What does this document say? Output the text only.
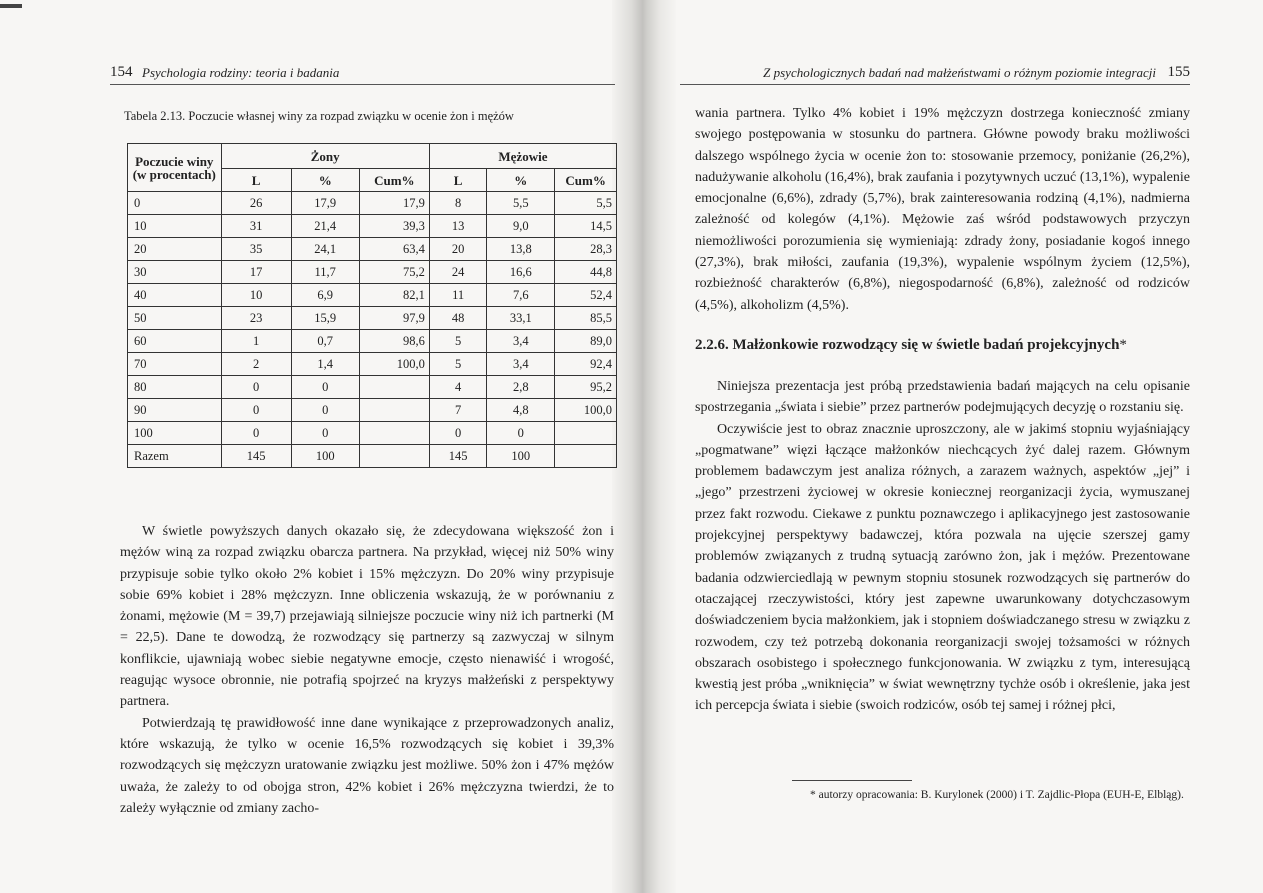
154 Psychologia rodziny: teoria i badania
Tabela 2.13. Poczucie własnej winy za rozpad związku w ocenie żon i mężów
Poczucie winy (w procentach)	Żony			Mężowie		
	L	%	Cum%	L	%	Cum%
0	26	17,9	17,9	8	5,5	5,5
10	31	21,4	39,3	13	9,0	14,5
20	35	24,1	63,4	20	13,8	28,3
30	17	11,7	75,2	24	16,6	44,8
40	10	6,9	82,1	11	7,6	52,4
50	23	15,9	97,9	48	33,1	85,5
60	1	0,7	98,6	5	3,4	89,0
70	2	1,4	100,0	5	3,4	92,4
80	0	0		4	2,8	95,2
90	0	0		7	4,8	100,0
100	0	0		0	0	
Razem	145	100		145	100	

W świetle powyższych danych okazało się, że zdecydowana większość żon i mężów winą za rozpad związku obarcza partnera. Na przykład, więcej niż 50% winy przypisuje sobie tylko około 2% kobiet i 15% mężczyzn. Do 20% winy przypisuje sobie 69% kobiet i 28% mężczyzn. Inne obliczenia wskazują, że w porównaniu z żonami, mężowie (M = 39,7) przejawiają silniejsze poczucie winy niż ich partnerki (M = 22,5). Dane te dowodzą, że rozwodzący się partnerzy są zazwyczaj w silnym konflikcie, ujawniają wobec siebie negatywne emocje, często nienawiść i wrogość, reagując wysoce obronnie, nie potrafią spojrzeć na kryzys małżeński z perspektywy partnera.

Potwierdzają tę prawidłowość inne dane wynikające z przeprowadzonych analiz, które wskazują, że tylko w ocenie 16,5% rozwodzących się kobiet i 39,3% rozwodzących się mężczyzn uratowanie związku jest możliwe. 50% żon i 47% mężów uważa, że zależy to od obojga stron, 42% kobiet i 26% mężczyzna twierdzi, że to zależy wyłącznie od zmiany zacho-

Z psychologicznych badań nad małżeństwami o różnym poziomie integracji 155

wania partnera. Tylko 4% kobiet i 19% mężczyzn dostrzega konieczność zmiany swojego postępowania w stosunku do partnera. Główne powody braku możliwości dalszego wspólnego życia w ocenie żon to: stosowanie przemocy, poniżanie (26,2%), nadużywanie alkoholu (16,4%), brak zaufania i pozytywnych uczuć (13,1%), wypalenie emocjonalne (6,6%), zdrady (5,7%), brak zainteresowania rodziną (4,1%), nadmierna zależność od kolegów (4,1%). Mężowie zaś wśród podstawowych przyczyn niemożliwości porozumienia się wymieniają: zdrady żony, posiadanie kogoś innego (27,3%), brak miłości, zaufania (19,3%), wypalenie wspólnym życiem (12,5%), rozbieżność charakterów (6,8%), niegospodarność (6,8%), zależność od rodziców (4,5%), alkoholizm (4,5%).

2.2.6. Małżonkowie rozwodzący się w świetle badań projekcyjnych*

Niniejsza prezentacja jest próbą przedstawienia badań mających na celu opisanie spostrzegania „świata i siebie” przez partnerów podejmujących decyzję o rozstaniu się.

Oczywiście jest to obraz znacznie uproszczony, ale w jakimś stopniu wyjaśniający „pogmatwane” więzi łączące małżonków niechcących żyć dalej razem. Głównym problemem badawczym jest analiza różnych, a zarazem ważnych, aspektów „jej” i „jego” przestrzeni życiowej w okresie koniecznej reorganizacji życia, wymuszanej przez fakt rozwodu. Ciekawe z punktu poznawczego i aplikacyjnego jest zastosowanie projekcyjnej perspektywy badawczej, która pozwala na ujęcie szerszej gamy problemów związanych z trudną sytuacją zarówno żon, jak i mężów. Prezentowane badania odzwierciedlają w pewnym stopniu stosunek rozwodzących się partnerów do otaczającej rzeczywistości, który jest zapewne uwarunkowany dotychczasowym doświadczeniem bycia małżonkiem, jak i stopniem doświadczanego stresu w związku z rozwodem, czy też potrzebą dokonania reorganizacji swojej tożsamości w różnych obszarach osobistego i społecznego funkcjonowania. W związku z tym, interesującą kwestią jest próba „wniknięcia” w świat wewnętrzny tychże osób i określenie, jaka jest ich percepcja świata i siebie (swoich rodziców, osób tej samej i różnej płci,

* autorzy opracowania: B. Kurylonek (2000) i T. Zajdlic-Płopa (EUH-E, Elbląg).
